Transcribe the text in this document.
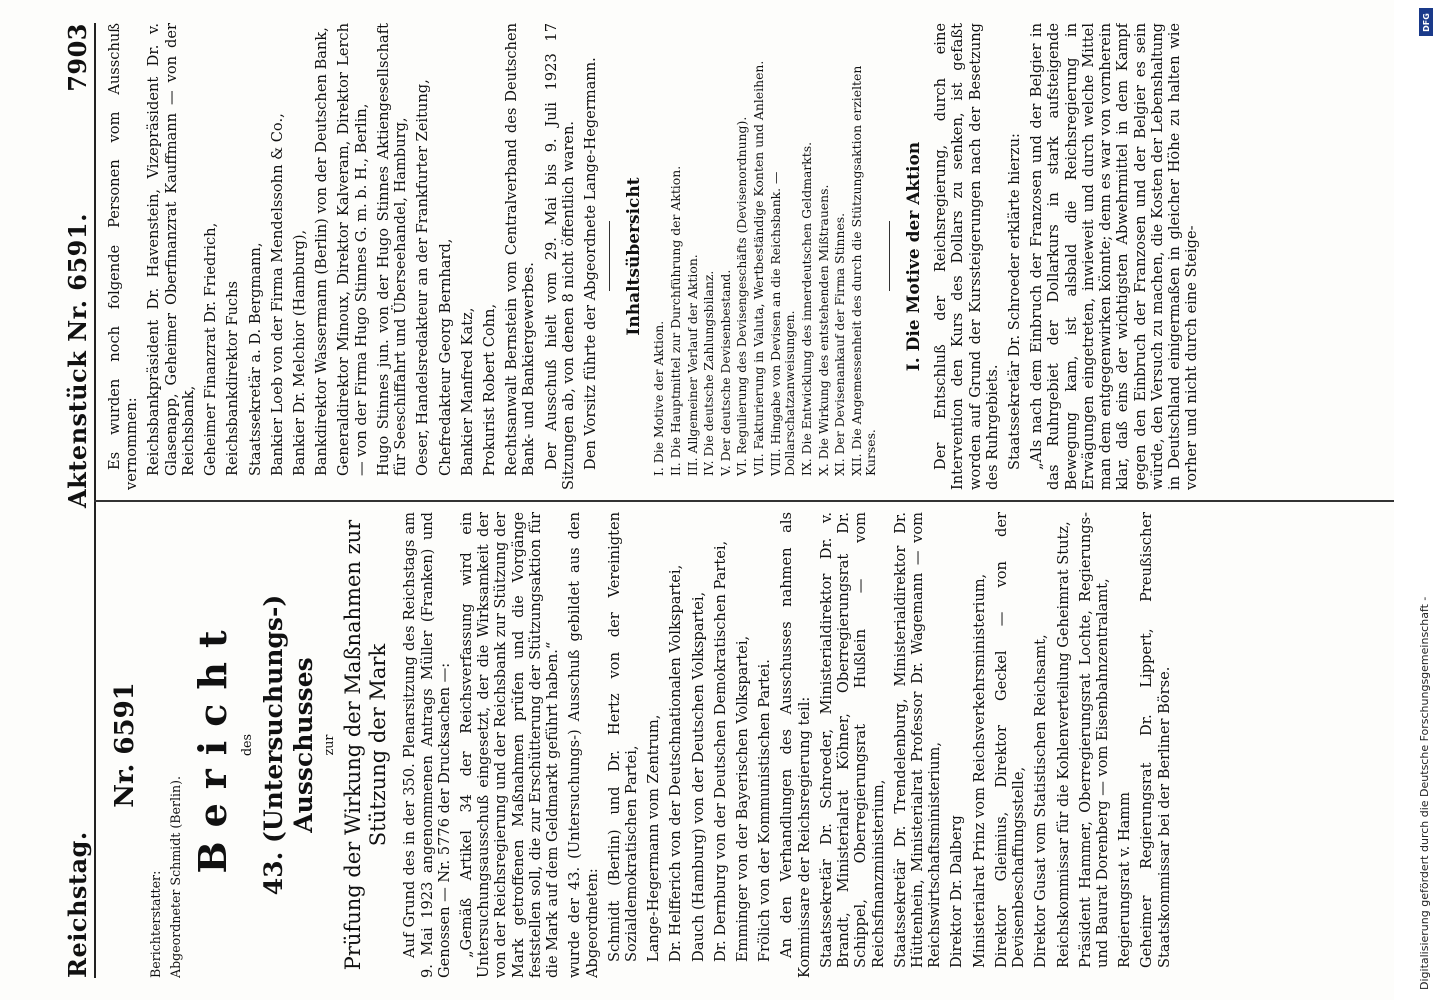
Reichstag.
Aktenstück Nr. 6591.
7903
Nr. 6591

Berichterstatter: Abgeordneter Schmidt (Berlin).

Bericht des 43. (Untersuchungs-) Ausschusses zur Prüfung der Wirkung der Maßnahmen zur Stützung der Mark Auf Grund des in der 350. Plenarsitzung des Reichstags am 9. Mai 1923 angenommenen Antrags Müller (Franken) und Genossen — Nr. 5776 der Drucksachen —: „Gemäß Artikel 34 der Reichsverfassung wird ein Untersuchungsausschuß eingesetzt, der die Wirksamkeit der von der Reichsregierung und der Reichsbank zur Stützung der Mark getroffenen Maßnahmen prüfen und die Vorgänge feststellen soll, die zur Erschütterung der Stützungsaktion für die Mark auf dem Geldmarkt geführt haben.“ wurde der 43. (Untersuchungs-) Ausschuß gebildet aus den Abgeordneten: Schmidt (Berlin) und Dr. Hertz von der Vereinigten Sozialdemokratischen Partei, Lange-Hegermann vom Zentrum, Dr. Helfferich von der Deutschnationalen Volkspartei, Dauch (Hamburg) von der Deutschen Volkspartei, Dr. Dernburg von der Deutschen Demokratischen Partei, Emminger von der Bayerischen Volkspartei, Frölich von der Kommunistischen Partei. An den Verhandlungen des Ausschusses nahmen als Kommissare der Reichsregierung teil: Staatssekretär Dr. Schroeder, Ministerialdirektor Dr. v. Brandt, Ministerialrat Köhner, Oberregierungsrat Dr. Schippel, Oberregierungsrat Hußlein — vom Reichsfinanzministerium, Staatssekretär Dr. Trendelenburg, Ministerialdirektor Dr. Hüttenhein, Ministerialrat Professor Dr. Wagemann — vom Reichswirtschaftsministerium, Direktor Dr. Dalberg Ministerialrat Prinz vom Reichsverkehrsministerium, Direktor Gleimius, Direktor Geckel — von der Devisenbeschaffungsstelle, Direktor Gusat vom Statistischen Reichsamt, Reichskommissar für die Kohlenverteilung Geheimrat Stutz, Präsident Hammer, Oberregierungsrat Lochte, Regierungs- und Baurat Dorenberg — vom Eisenbahnzentralamt, Regierungsrat v. Hamm Geheimer Regierungsrat Dr. Lippert, Preußischer Staatskommissar bei der Berliner Börse.

Es wurden noch folgende Personen vom Ausschuß vernommen: Reichsbankpräsident Dr. Havenstein, Vizepräsident Dr. v. Glasenapp, Geheimer Oberfinanzrat Kauffmann — von der Reichsbank, Geheimer Finanzrat Dr. Friedrich, Reichsbankdirektor Fuchs Staatssekretär a. D. Bergmann, Bankier Loeb von der Firma Mendelssohn & Co., Bankier Dr. Melchior (Hamburg), Bankdirektor Wassermann (Berlin) von der Deutschen Bank, Generaldirektor Minoux, Direktor Kalveram, Direktor Lerch — von der Firma Hugo Stinnes G. m. b. H., Berlin, Hugo Stinnes jun. von der Hugo Stinnes Aktiengesellschaft für Seeschiffahrt und Überseehandel, Hamburg, Oeser, Handelsredakteur an der Frankfurter Zeitung, Chefredakteur Georg Bernhard, Bankier Manfred Katz, Prokurist Robert Cohn, Rechtsanwalt Bernstein vom Centralverband des Deutschen Bank- und Bankiergewerbes. Der Ausschuß hielt vom 29. Mai bis 9. Juli 1923 17 Sitzungen ab, von denen 8 nicht öffentlich waren. Den Vorsitz führte der Abgeordnete Lange-Hegermann. Inhaltsübersicht
I. Die Motive der Aktion. II. Die Hauptmittel zur Durchführung der Aktion. III. Allgemeiner Verlauf der Aktion. IV. Die deutsche Zahlungsbilanz. V. Der deutsche Devisenbestand. VI. Regulierung des Devisengeschäfts (Devisenordnung). VII. Fakturierung in Valuta, Wertbeständige Konten und Anleihen. VIII. Hingabe von Devisen an die Reichsbank. — Dollarschatzanweisungen. IX. Die Entwicklung des innerdeutschen Geldmarkts. X. Die Wirkung des entstehenden Mißtrauens. XI. Der Devisenankauf der Firma Stinnes. XII. Die Angemessenheit des durch die Stützungsaktion erzielten Kurses.
I. Die Motive der Aktion Der Entschluß der Reichsregierung, durch eine Intervention den Kurs des Dollars zu senken, ist gefaßt worden auf Grund der Kurssteigerungen nach der Besetzung des Ruhrgebiets. Staatssekretär Dr. Schroeder erklärte hierzu: „Als nach dem Einbruch der Franzosen und der Belgier in das Ruhrgebiet der Dollarkurs in stark aufsteigende Bewegung kam, ist alsbald die Reichsregierung in Erwägungen eingetreten, inwieweit und durch welche Mittel man dem entgegenwirken könnte; denn es war von vornherein klar, daß eins der wichtigsten Abwehrmittel in dem Kampf gegen den Einbruch der Franzosen und der Belgier es sein würde, den Versuch zu machen, die Kosten der Lebenshaltung in Deutschland einigermaßen in gleicher Höhe zu halten wie vorher und nicht durch eine Steige-

Digitalisierung gefördert durch die Deutsche Forschungsgemeinschaft -
DFG
